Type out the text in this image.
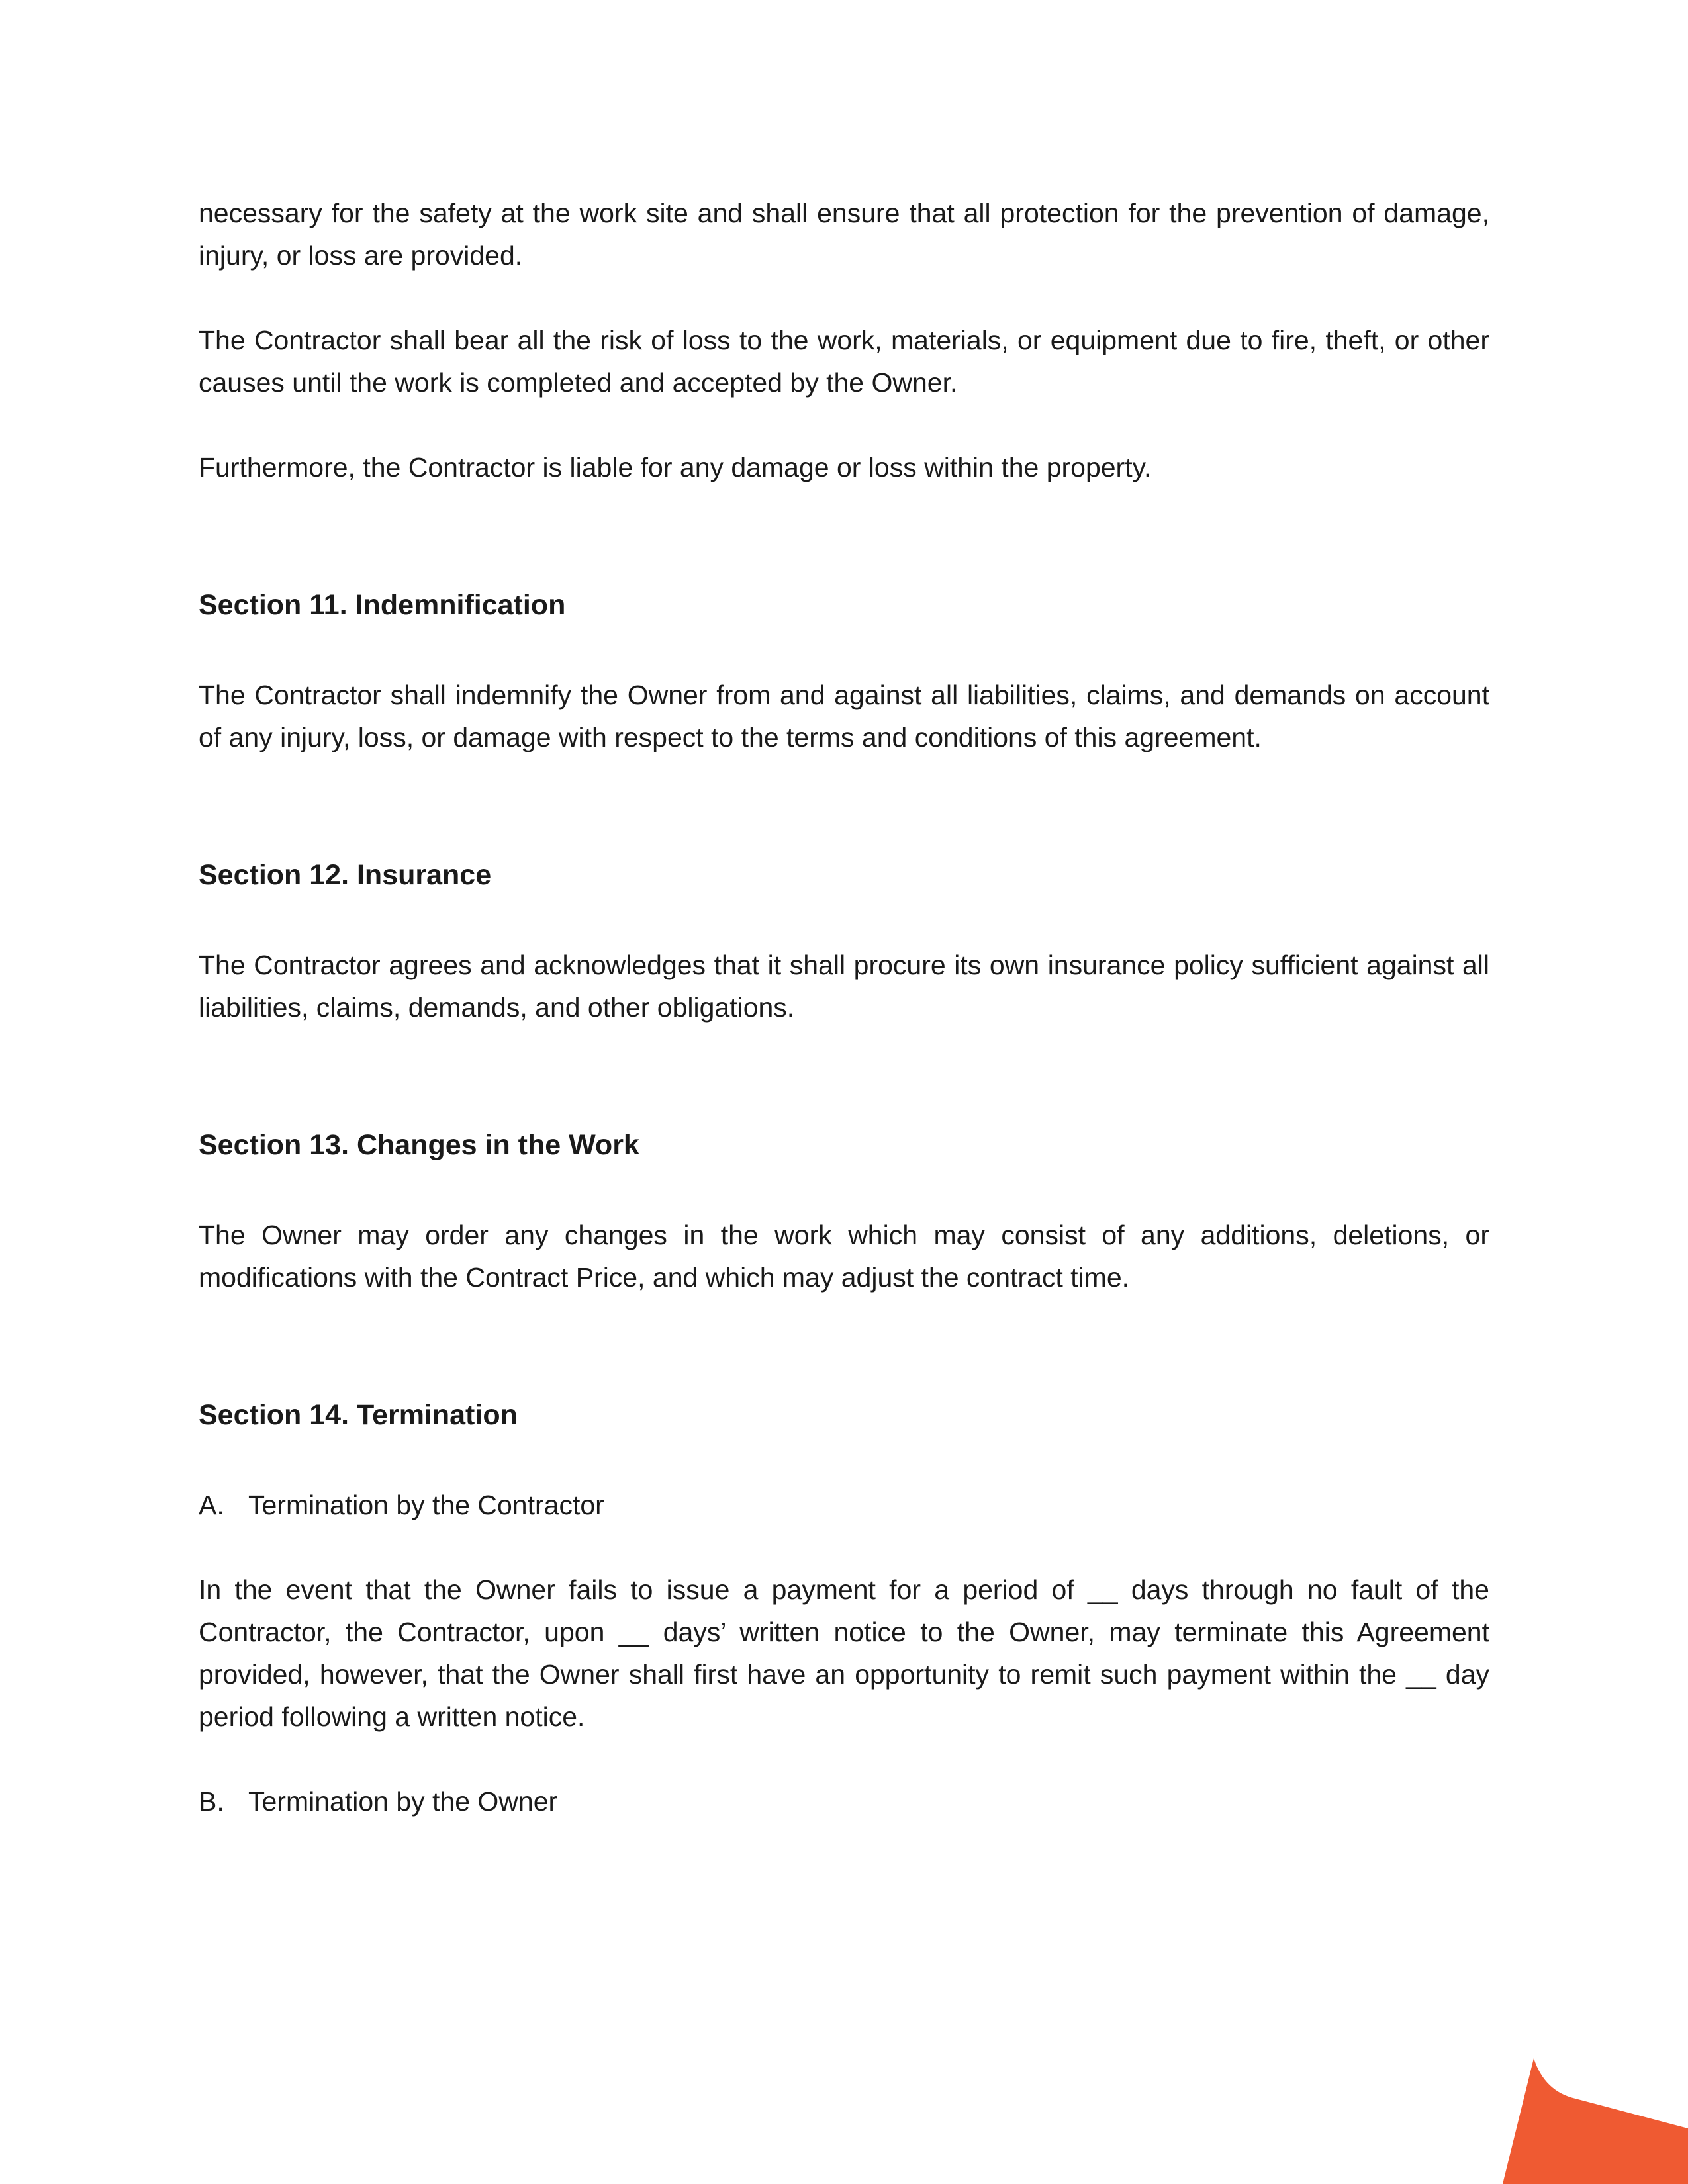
necessary for the safety at the work site and shall ensure that all protection for the prevention of damage, injury, or loss are provided.

The Contractor shall bear all the risk of loss to the work, materials, or equipment due to fire, theft, or other causes until the work is completed and accepted by the Owner.

Furthermore, the Contractor is liable for any damage or loss within the property.

Section 11. Indemnification

The Contractor shall indemnify the Owner from and against all liabilities, claims, and demands on account of any injury, loss, or damage with respect to the terms and conditions of this agreement.

Section 12. Insurance

The Contractor agrees and acknowledges that it shall procure its own insurance policy sufficient against all liabilities, claims, demands, and other obligations.

Section 13. Changes in the Work

The Owner may order any changes in the work which may consist of any additions, deletions, or modifications with the Contract Price, and which may adjust the contract time.

Section 14. Termination
A. Termination by the Contractor

In the event that the Owner fails to issue a payment for a period of __ days through no fault of the Contractor, the Contractor, upon __ days’ written notice to the Owner, may terminate this Agreement provided, however, that the Owner shall first have an opportunity to remit such payment within the __ day period following a written notice.

B. Termination by the Owner
